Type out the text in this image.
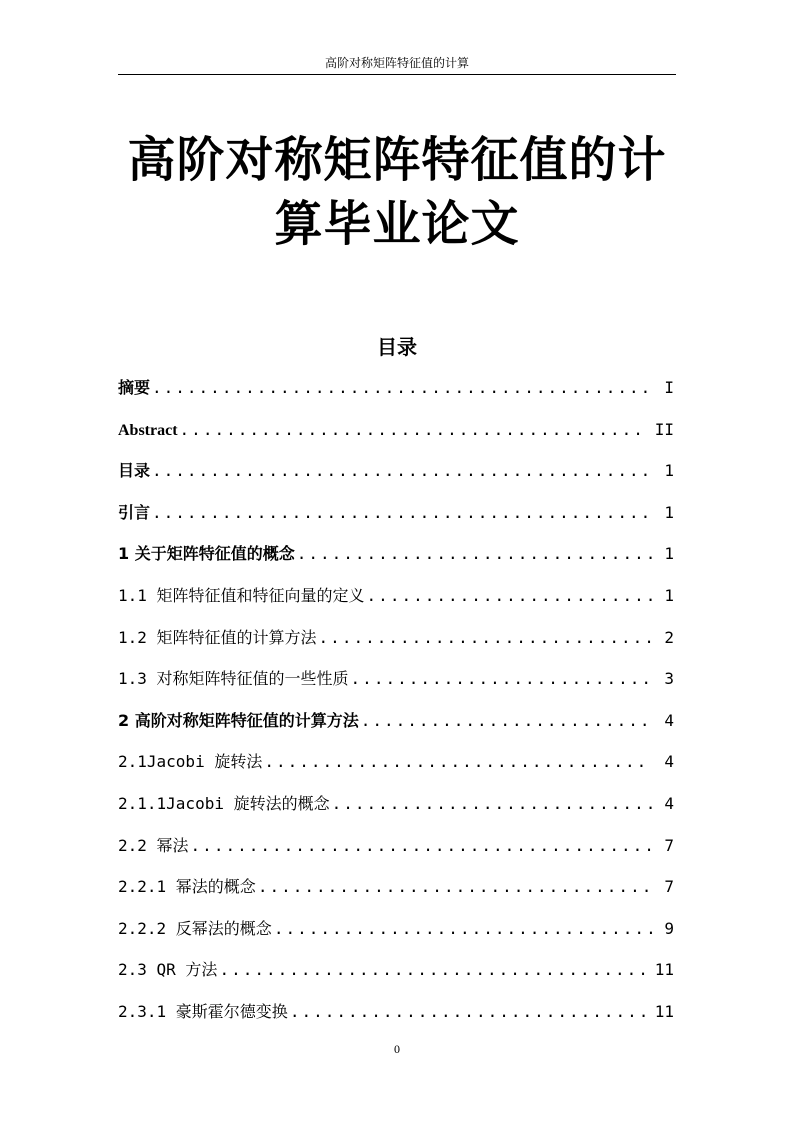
高阶对称矩阵特征值的计算
高阶对称矩阵特征值的计
算毕业论文
目录
摘要 .....	I
Abstract .....	II
目录 .....	1
引言 .....	1
1 关于矩阵特征值的概念 .....	1
1.1 矩阵特征值和特征向量的定义 .....	1
1.2 矩阵特征值的计算方法 .....	2
1.3 对称矩阵特征值的一些性质 .....	3
2 高阶对称矩阵特征值的计算方法 .....	4
2.1Jacobi 旋转法 .....	4
2.1.1Jacobi 旋转法的概念 .....	4
2.2 幂法 .....	7
2.2.1 幂法的概念 .....	7
2.2.2 反幂法的概念 .....	9
2.3 QR 方法 .....	11
2.3.1 豪斯霍尔德变换 .....	11
0
